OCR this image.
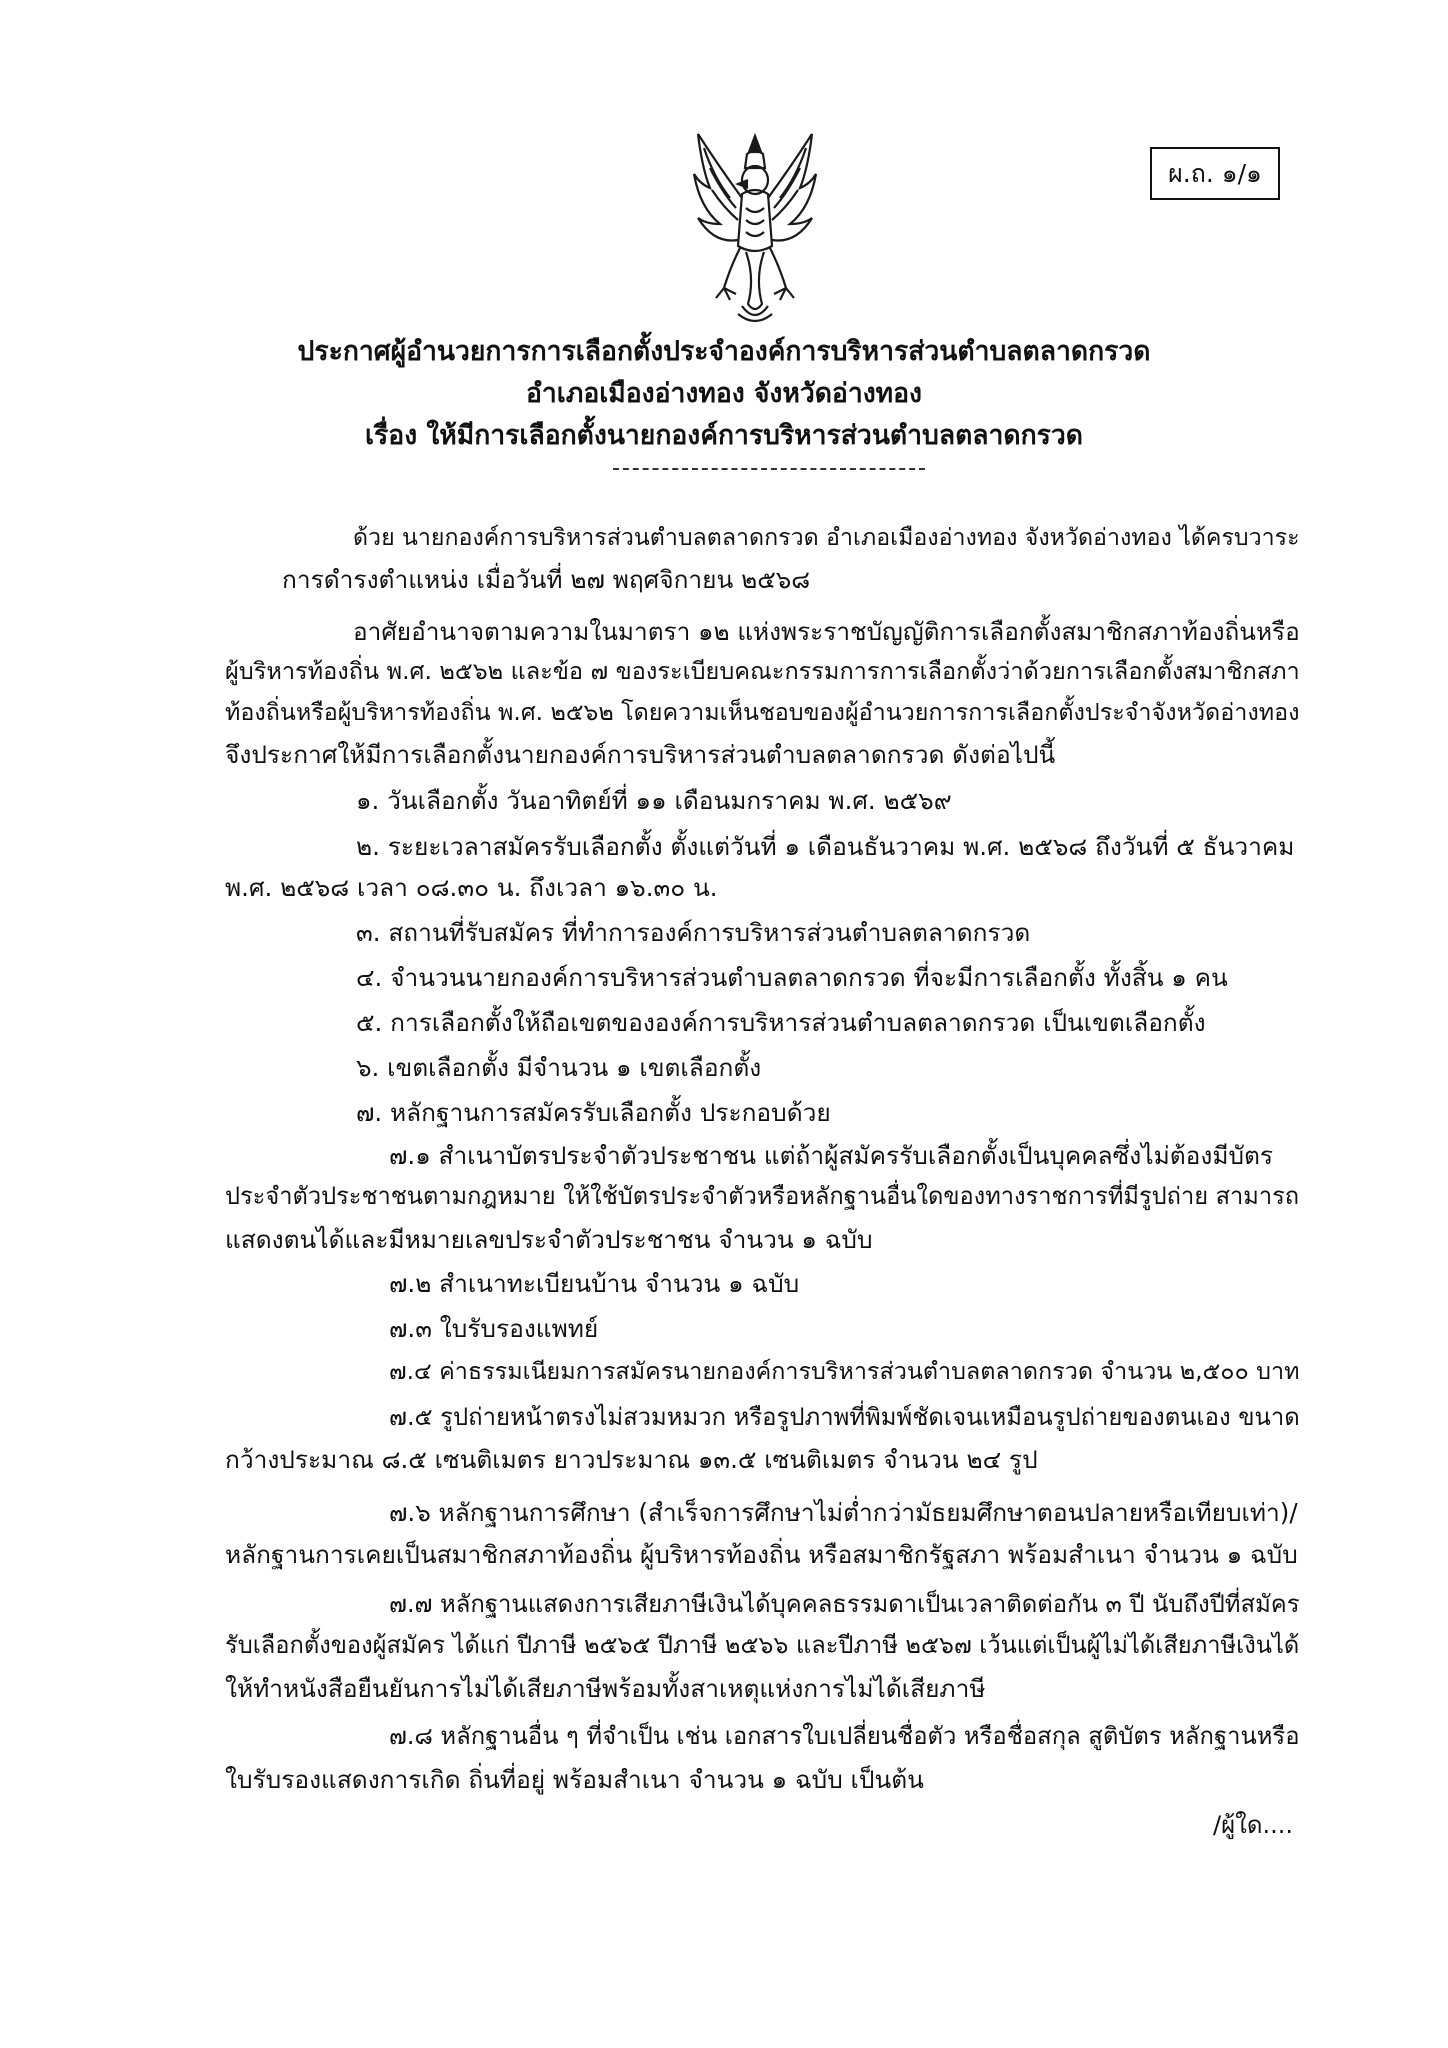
ผ.ถ. ๑/๑
ประกาศผู้อำนวยการการเลือกตั้งประจำองค์การบริหารส่วนตำบลตลาดกรวด
อำเภอเมืองอ่างทอง จังหวัดอ่างทอง
เรื่อง ให้มีการเลือกตั้งนายกองค์การบริหารส่วนตำบลตลาดกรวด
ด้วย นายกองค์การบริหารส่วนตำบลตลาดกรวด อำเภอเมืองอ่างทอง จังหวัดอ่างทอง ได้ครบวาระ
การดำรงตำแหน่ง เมื่อวันที่ ๒๗ พฤศจิกายน ๒๕๖๘
อาศัยอำนาจตามความในมาตรา ๑๒ แห่งพระราชบัญญัติการเลือกตั้งสมาชิกสภาท้องถิ่นหรือ
ผู้บริหารท้องถิ่น พ.ศ. ๒๕๖๒ และข้อ ๗ ของระเบียบคณะกรรมการการเลือกตั้งว่าด้วยการเลือกตั้งสมาชิกสภา
ท้องถิ่นหรือผู้บริหารท้องถิ่น พ.ศ. ๒๕๖๒ โดยความเห็นชอบของผู้อำนวยการการเลือกตั้งประจำจังหวัดอ่างทอง
จึงประกาศให้มีการเลือกตั้งนายกองค์การบริหารส่วนตำบลตลาดกรวด ดังต่อไปนี้
๑. วันเลือกตั้ง วันอาทิตย์ที่ ๑๑ เดือนมกราคม พ.ศ. ๒๕๖๙
๒. ระยะเวลาสมัครรับเลือกตั้ง ตั้งแต่วันที่ ๑ เดือนธันวาคม พ.ศ. ๒๕๖๘ ถึงวันที่ ๕ ธันวาคม
พ.ศ. ๒๕๖๘ เวลา ๐๘.๓๐ น. ถึงเวลา ๑๖.๓๐ น.
๓. สถานที่รับสมัคร ที่ทำการองค์การบริหารส่วนตำบลตลาดกรวด
๔. จำนวนนายกองค์การบริหารส่วนตำบลตลาดกรวด ที่จะมีการเลือกตั้ง ทั้งสิ้น ๑ คน
๕. การเลือกตั้งให้ถือเขตขององค์การบริหารส่วนตำบลตลาดกรวด เป็นเขตเลือกตั้ง
๖. เขตเลือกตั้ง มีจำนวน ๑ เขตเลือกตั้ง
๗. หลักฐานการสมัครรับเลือกตั้ง ประกอบด้วย
๗.๑ สำเนาบัตรประจำตัวประชาชน แต่ถ้าผู้สมัครรับเลือกตั้งเป็นบุคคลซึ่งไม่ต้องมีบัตร
ประจำตัวประชาชนตามกฎหมาย ให้ใช้บัตรประจำตัวหรือหลักฐานอื่นใดของทางราชการที่มีรูปถ่าย สามารถ
แสดงตนได้และมีหมายเลขประจำตัวประชาชน จำนวน ๑ ฉบับ
๗.๒ สำเนาทะเบียนบ้าน จำนวน ๑ ฉบับ
๗.๓ ใบรับรองแพทย์
๗.๔ ค่าธรรมเนียมการสมัครนายกองค์การบริหารส่วนตำบลตลาดกรวด จำนวน ๒,๕๐๐ บาท
๗.๕ รูปถ่ายหน้าตรงไม่สวมหมวก หรือรูปภาพที่พิมพ์ชัดเจนเหมือนรูปถ่ายของตนเอง ขนาด
กว้างประมาณ ๘.๕ เซนติเมตร ยาวประมาณ ๑๓.๕ เซนติเมตร จำนวน ๒๔ รูป
๗.๖ หลักฐานการศึกษา (สำเร็จการศึกษาไม่ต่ำกว่ามัธยมศึกษาตอนปลายหรือเทียบเท่า)/
หลักฐานการเคยเป็นสมาชิกสภาท้องถิ่น ผู้บริหารท้องถิ่น หรือสมาชิกรัฐสภา พร้อมสำเนา จำนวน ๑ ฉบับ
๗.๗ หลักฐานแสดงการเสียภาษีเงินได้บุคคลธรรมดาเป็นเวลาติดต่อกัน ๓ ปี นับถึงปีที่สมัคร
รับเลือกตั้งของผู้สมัคร ได้แก่ ปีภาษี ๒๕๖๕ ปีภาษี ๒๕๖๖ และปีภาษี ๒๕๖๗ เว้นแต่เป็นผู้ไม่ได้เสียภาษีเงินได้
ให้ทำหนังสือยืนยันการไม่ได้เสียภาษีพร้อมทั้งสาเหตุแห่งการไม่ได้เสียภาษี
๗.๘ หลักฐานอื่น ๆ ที่จำเป็น เช่น เอกสารใบเปลี่ยนชื่อตัว หรือชื่อสกุล สูติบัตร หลักฐานหรือ
ใบรับรองแสดงการเกิด ถิ่นที่อยู่ พร้อมสำเนา จำนวน ๑ ฉบับ เป็นต้น
/ผู้ใด....
